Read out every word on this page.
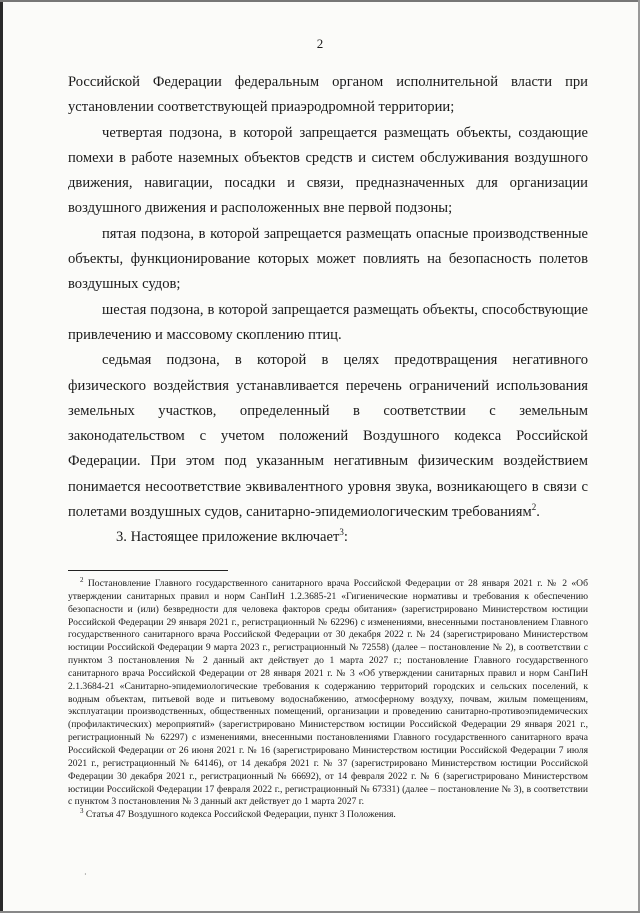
2

Российской Федерации федеральным органом исполнительной власти при установлении соответствующей приаэродромной территории;

четвертая подзона, в которой запрещается размещать объекты, создающие помехи в работе наземных объектов средств и систем обслуживания воздушного движения, навигации, посадки и связи, предназначенных для организации воздушного движения и расположенных вне первой подзоны;

пятая подзона, в которой запрещается размещать опасные производственные объекты, функционирование которых может повлиять на безопасность полетов воздушных судов;

шестая подзона, в которой запрещается размещать объекты, способствующие привлечению и массовому скоплению птиц.

седьмая подзона, в которой в целях предотвращения негативного физического воздействия устанавливается перечень ограничений использования земельных участков, определенный в соответствии с земельным законодательством с учетом положений Воздушного кодекса Российской Федерации. При этом под указанным негативным физическим воздействием понимается несоответствие эквивалентного уровня звука, возникающего в связи с полетами воздушных судов, санитарно-эпидемиологическим требованиям$^2$.

3. Настоящее приложение включает$^3$:

$^2$ Постановление Главного государственного санитарного врача Российской Федерации от 28 января 2021 г. № 2 «Об утверждении санитарных правил и норм СанПиН 1.2.3685-21 «Гигиенические нормативы и требования к обеспечению безопасности и (или) безвредности для человека факторов среды обитания» (зарегистрировано Министерством юстиции Российской Федерации 29 января 2021 г., регистрационный № 62296) с изменениями, внесенными постановлением Главного государственного санитарного врача Российской Федерации от 30 декабря 2022 г. № 24 (зарегистрировано Министерством юстиции Российской Федерации 9 марта 2023 г., регистрационный № 72558) (далее – постановление № 2), в соответствии с пунктом 3 постановления № 2 данный акт действует до 1 марта 2027 г.; постановление Главного государственного санитарного врача Российской Федерации от 28 января 2021 г. № 3 «Об утверждении санитарных правил и норм СанПиН 2.1.3684-21 «Санитарно-эпидемиологические требования к содержанию территорий городских и сельских поселений, к водным объектам, питьевой воде и питьевому водоснабжению, атмосферному воздуху, почвам, жилым помещениям, эксплуатации производственных, общественных помещений, организации и проведению санитарно-противоэпидемических (профилактических) мероприятий» (зарегистрировано Министерством юстиции Российской Федерации 29 января 2021 г., регистрационный № 62297) с изменениями, внесенными постановлениями Главного государственного санитарного врача Российской Федерации от 26 июня 2021 г. № 16 (зарегистрировано Министерством юстиции Российской Федерации 7 июля 2021 г., регистрационный № 64146), от 14 декабря 2021 г. № 37 (зарегистрировано Министерством юстиции Российской Федерации 30 декабря 2021 г., регистрационный № 66692), от 14 февраля 2022 г. № 6 (зарегистрировано Министерством юстиции Российской Федерации 17 февраля 2022 г., регистрационный № 67331) (далее – постановление № 3), в соответствии с пунктом 3 постановления № 3 данный акт действует до 1 марта 2027 г.

$^3$ Статья 47 Воздушного кодекса Российской Федерации, пункт 3 Положения.

·
